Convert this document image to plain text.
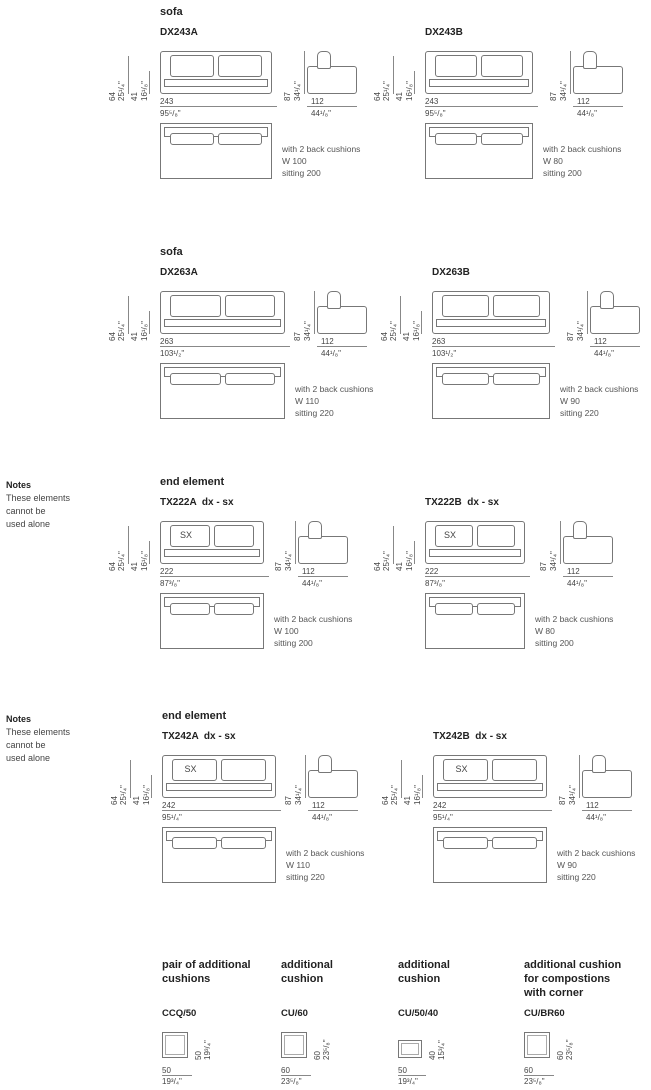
sofa
DX243A
64 25¹/₄" 41 16¹/₈"
243
95⁵/₈"
87 34¹/₄"
112
44¹/₈"
with 2 back cushions
W 100
sitting 200
DX243B
64 25¹/₄" 41 16¹/₈"
243
95⁵/₈"
87 34¹/₄"
112
44¹/₈"
with 2 back cushions
W 80
sitting 200
sofa
DX263A
64 25¹/₄" 41 16¹/₈"
263
103¹/₂"
87 34¹/₄"
112
44¹/₈"
with 2 back cushions
W 110
sitting 220
DX263B
64 25¹/₄" 41 16¹/₈"
263
103¹/₂"
87 34¹/₄"
112
44¹/₈"
with 2 back cushions
W 90
sitting 220
end element
Notes
These elements
cannot be
used alone
TX222A  dx - sx
64 25¹/₄" 41 16¹/₈"
SX
222
87³/₈"
87 34¹/₄"
112
44¹/₈"
with 2 back cushions
W 100
sitting 200
TX222B  dx - sx
64 25¹/₄" 41 16¹/₈"
SX
222
87³/₈"
87 34¹/₄"
112
44¹/₈"
with 2 back cushions
W 80
sitting 200
end element
Notes
These elements
cannot be
used alone
TX242A  dx - sx
64 25¹/₄" 41 16¹/₈"
SX
242
95¹/₄"
87 34¹/₄"
112
44¹/₈"
with 2 back cushions
W 110
sitting 220
TX242B  dx - sx
64 25¹/₄" 41 16¹/₈"
SX
242
95¹/₄"
87 34¹/₄"
112
44¹/₈"
with 2 back cushions
W 90
sitting 220
pair of additional
cushions
CCQ/50
50 19³/₄"
50
19³/₄"
additional
cushion
CU/60
60 23⁵/₈"
60
23⁵/₈"
additional
cushion
CU/50/40
40 15³/₄"
50
19³/₄"
additional cushion
for compostions
with corner
CU/BR60
60 23⁵/₈"
60
23⁵/₈"
